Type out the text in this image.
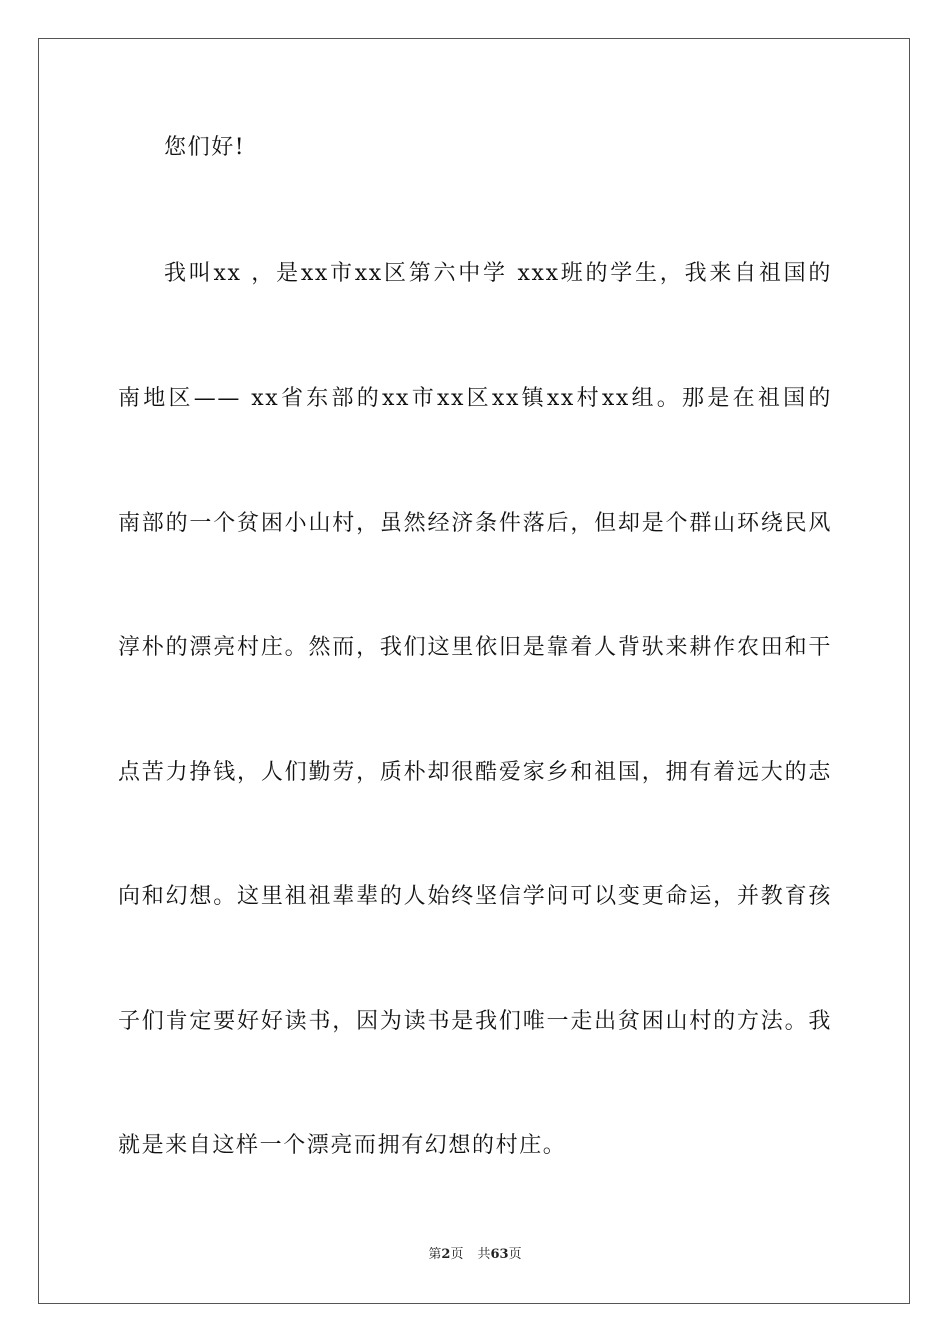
您们好!
我叫xx ，是xx市xx区第六中学 xxx班的学生，我来自祖国的
南地区—— xx省东部的xx市xx区xx镇xx村xx组。那是在祖国的
南部的一个贫困小山村，虽然经济条件落后，但却是个群山环绕民风
淳朴的漂亮村庄。然而，我们这里依旧是靠着人背驮来耕作农田和干
点苦力挣钱，人们勤劳，质朴却很酷爱家乡和祖国，拥有着远大的志
向和幻想。这里祖祖辈辈的人始终坚信学问可以变更命运，并教育孩
子们肯定要好好读书，因为读书是我们唯一走出贫困山村的方法。我
就是来自这样一个漂亮而拥有幻想的村庄。
第2页 共63页
